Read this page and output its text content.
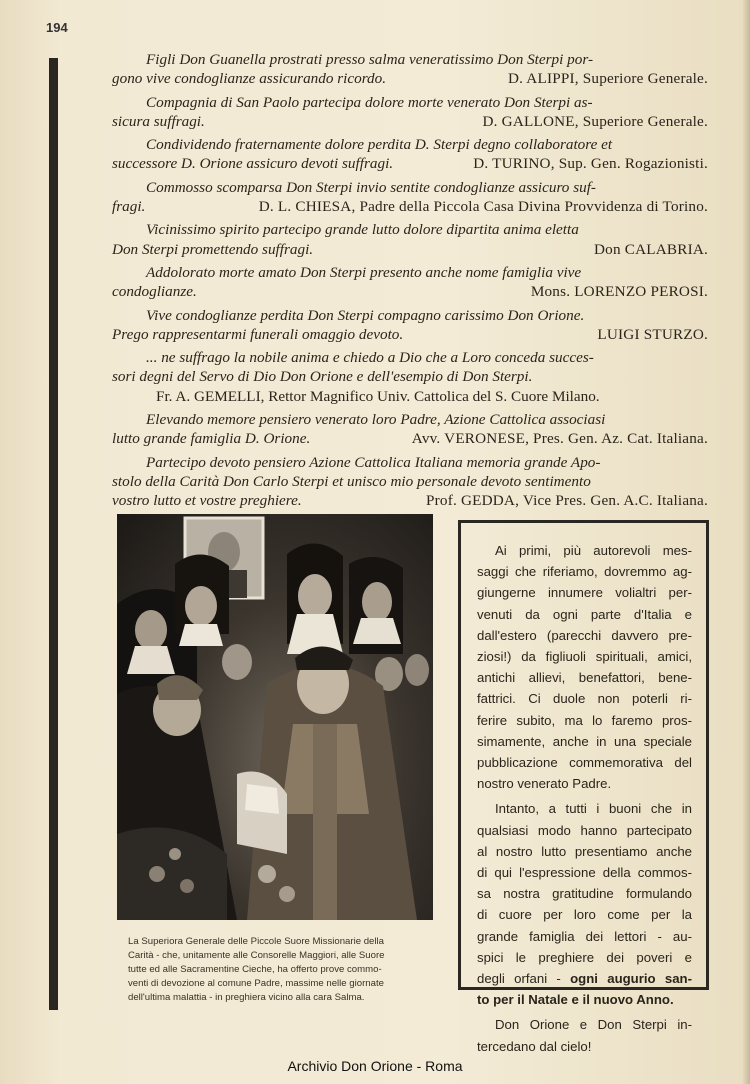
194

Figli Don Guanella prostrati presso salma veneratissimo Don Sterpi por-

gono vive condoglianze assicurando ricordo.	D. ALIPPI, Superiore Generale.

Compagnia di San Paolo partecipa dolore morte venerato Don Sterpi as-

sicura suffragi.	D. GALLONE, Superiore Generale.

Condividendo fraternamente dolore perdita D. Sterpi degno collaboratore et

successore D. Orione assicuro devoti suffragi.	D. TURINO, Sup. Gen. Rogazionisti.

Commosso scomparsa Don Sterpi invio sentite condoglianze assicuro suf-

fragi.	D. L. CHIESA, Padre della Piccola Casa Divina Provvidenza di Torino.

Vicinissimo spirito partecipo grande lutto dolore dipartita anima eletta

Don Sterpi promettendo suffragi.	Don CALABRIA.

Addolorato morte amato Don Sterpi presento anche nome famiglia vive

condoglianze.	Mons. LORENZO PEROSI.

Vive condoglianze perdita Don Sterpi compagno carissimo Don Orione.

Prego rappresentarmi funerali omaggio devoto.	LUIGI STURZO.

... ne suffrago la nobile anima e chiedo a Dio che a Loro conceda succes-

sori degni del Servo di Dio Don Orione e dell'esempio di Don Sterpi.

Fr. A. GEMELLI, Rettor Magnifico Univ. Cattolica del S. Cuore Milano.

Elevando memore pensiero venerato loro Padre, Azione Cattolica associasi

lutto grande famiglia D. Orione.	Avv. VERONESE, Pres. Gen. Az. Cat. Italiana.

Partecipo devoto pensiero Azione Cattolica Italiana memoria grande Apo-

stolo della Carità Don Carlo Sterpi et unisco mio personale devoto sentimento

vostro lutto et vostre preghiere.	Prof. GEDDA, Vice Pres. Gen. A.C. Italiana.
La Superiora Generale delle Piccole Suore Missionarie della
Carità - che, unitamente alle Consorelle Maggiori, alle Suore
tutte ed alle Sacramentine Cieche, ha offerto prove commo-
venti di devozione al comune Padre, massime nelle giornate
dell'ultima malattia - in preghiera vicino alla cara Salma.

Ai primi, più autorevoli mes-
saggi che riferiamo, dovremmo ag-
giungerne innumere volialtri per-
venuti da ogni parte d'Italia e
dall'estero (parecchi davvero pre-
ziosi!) da figliuoli spirituali, amici,
antichi allievi, benefattori, bene-
fattrici. Ci duole non poterli ri-
ferire subito, ma lo faremo pros-
simamente, anche in una speciale
pubblicazione commemorativa del
nostro venerato Padre.

Intanto, a tutti i buoni che in
qualsiasi modo hanno partecipato
al nostro lutto presentiamo anche
di qui l'espressione della commos-
sa nostra gratitudine formulando
di cuore per loro come per la
grande famiglia dei lettori - au-
spici le preghiere dei poveri e
degli orfani - ogni augurio san-
to per il Natale e il nuovo Anno.

Don Orione e Don Sterpi in-
tercedano dal cielo!

Archivio Don Orione - Roma
